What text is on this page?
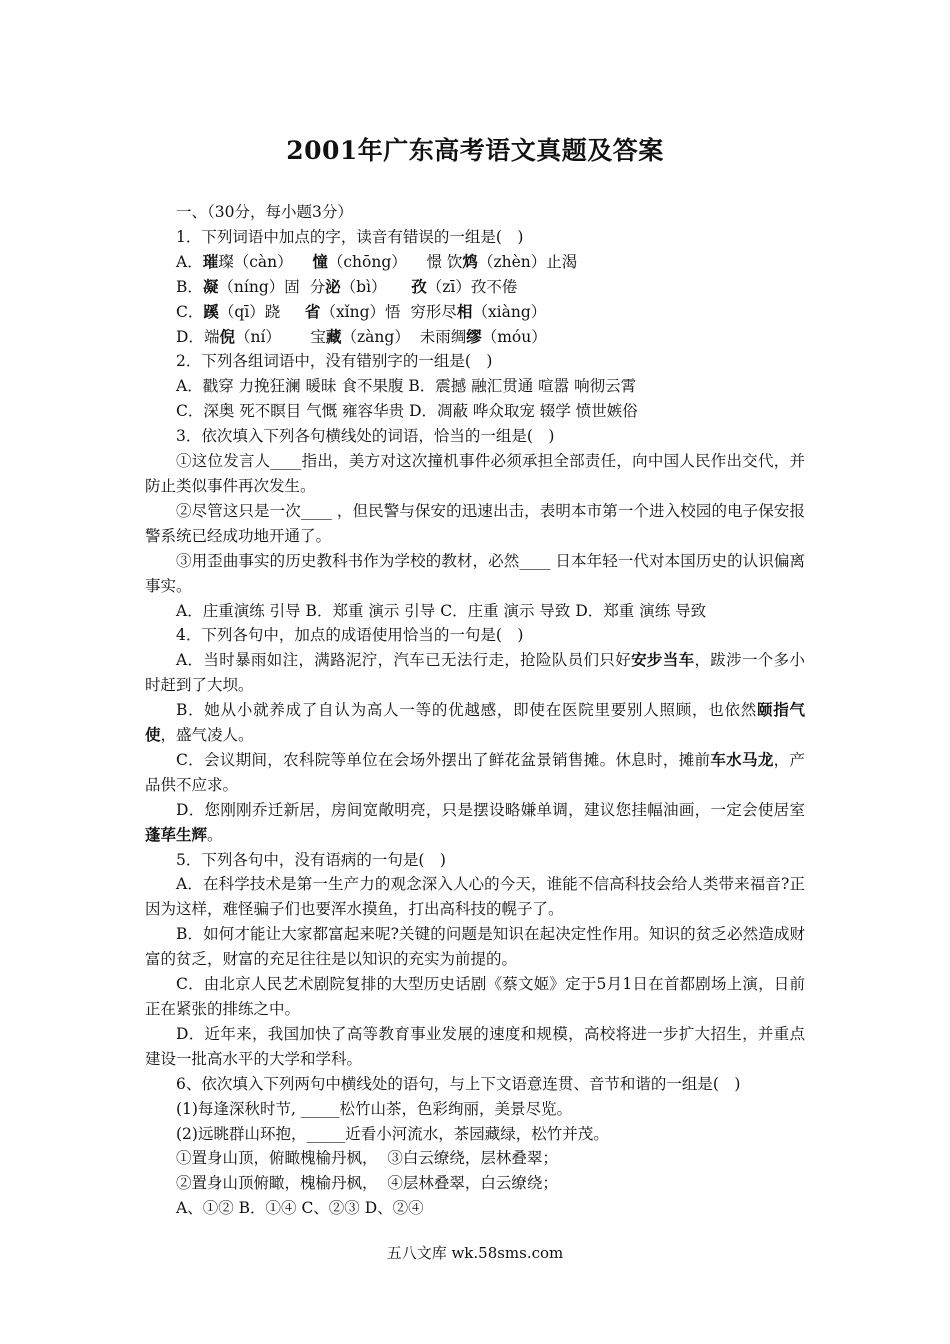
2001年广东高考语文真题及答案
一、（30分，每小题3分）
1．下列词语中加点的字，读音有错误的一组是(　)
A．璀璨（càn） 憧（chōng） 憬 饮鸩（zhèn）止渴
B．凝（níng）固 分泌（bì） 孜（zī）孜不倦
C．蹊（qī）跷 省（xǐng）悟 穷形尽相（xiàng）
D．端倪（ní） 宝藏（zàng） 未雨绸缪（móu）
2．下列各组词语中，没有错别字的一组是(　)
A．戳穿 力挽狂澜 暖昧 食不果腹 B．震撼 融汇贯通 喧嚣 响彻云霄
C．深奥 死不瞑目 气慨 雍容华贵 D．凋蔽 哗众取宠 辍学 愤世嫉俗
3．依次填入下列各句横线处的词语，恰当的一组是(　)
①这位发言人____指出，美方对这次撞机事件必须承担全部责任，向中国人民作出交代，并防止类似事件再次发生。
②尽管这只是一次____ ，但民警与保安的迅速出击，表明本市第一个进入校园的电子保安报警系统已经成功地开通了。
③用歪曲事实的历史教科书作为学校的教材，必然____ 日本年轻一代对本国历史的认识偏离事实。
A．庄重演练 引导 B．郑重 演示 引导 C．庄重 演示 导致 D．郑重 演练 导致
4．下列各句中，加点的成语使用恰当的一句是(　)
A．当时暴雨如注，满路泥泞，汽车已无法行走，抢险队员们只好安步当车，跋涉一个多小时赶到了大坝。
B．她从小就养成了自认为高人一等的优越感，即使在医院里要别人照顾，也依然颐指气使，盛气凌人。
C．会议期间，农科院等单位在会场外摆出了鲜花盆景销售摊。休息时，摊前车水马龙，产品供不应求。
D．您刚刚乔迁新居，房间宽敞明亮，只是摆设略嫌单调，建议您挂幅油画，一定会使居室蓬荜生辉。
5．下列各句中，没有语病的一句是(　)
A．在科学技术是第一生产力的观念深入人心的今天，谁能不信高科技会给人类带来福音?正因为这样，难怪骗子们也要浑水摸鱼，打出高科技的幌子了。
B．如何才能让大家都富起来呢?关键的问题是知识在起决定性作用。知识的贫乏必然造成财富的贫乏，财富的充足往往是以知识的充实为前提的。
C．由北京人民艺术剧院复排的大型历史话剧《蔡文姬》定于5月1日在首都剧场上演，日前正在紧张的排练之中。
D．近年来，我国加快了高等教育事业发展的速度和规模，高校将进一步扩大招生，并重点建设一批高水平的大学和学科。
6、依次填入下列两句中横线处的语句，与上下文语意连贯、音节和谐的一组是(　)
(1)每逢深秋时节, _____松竹山茶，色彩绚丽，美景尽览。
(2)远眺群山环抱，_____近看小河流水，茶园藏绿，松竹并茂。
①置身山顶，俯瞰槐榆丹枫，  ③白云缭绕，层林叠翠；
②置身山顶俯瞰，槐榆丹枫，  ④层林叠翠，白云缭绕；
A、①② B．①④ C、②③ D、②④
五八文库 wk.58sms.com
